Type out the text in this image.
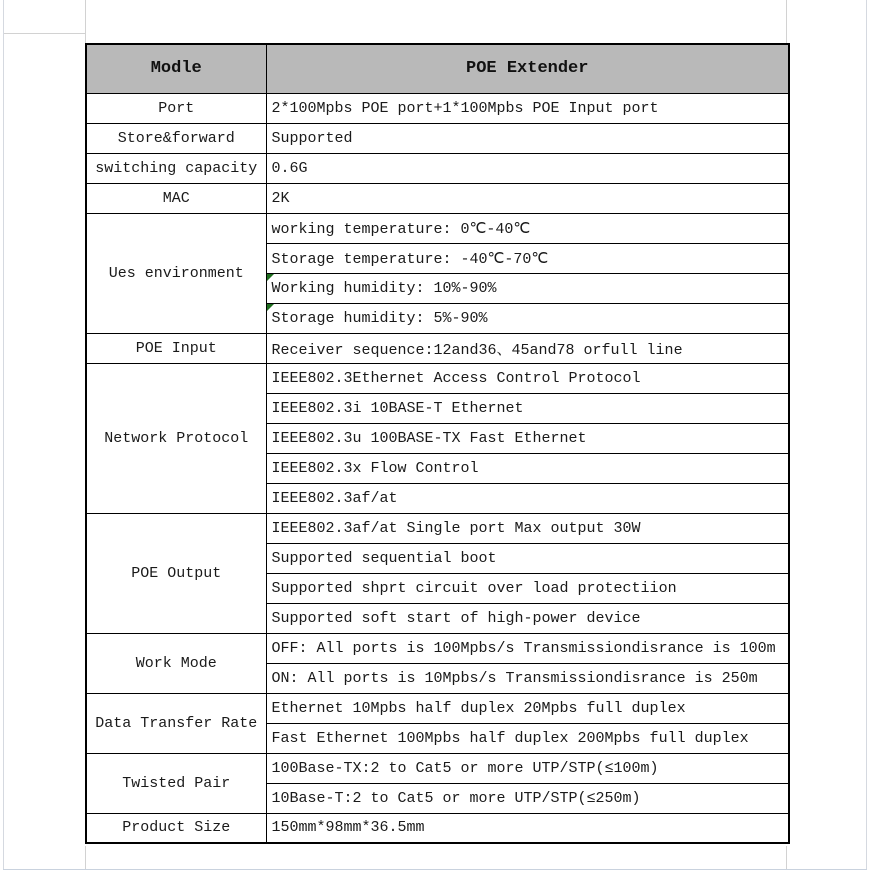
Modle	POE Extender
Port	2*100Mpbs POE port+1*100Mpbs POE Input port
Store&forward	Supported
switching capacity	0.6G
MAC	2K
Ues environment	working temperature: 0℃-40℃
	Storage temperature: -40℃-70℃
	Working humidity: 10%-90%

	Storage humidity: 5%-90%

POE Input	Receiver sequence:12and36、45and78 orfull line
Network Protocol	IEEE802.3Ethernet Access Control Protocol
	IEEE802.3i 10BASE-T Ethernet
	IEEE802.3u 100BASE-TX Fast Ethernet
	IEEE802.3x Flow Control
	IEEE802.3af/at
POE Output	IEEE802.3af/at Single port Max output 30W
	Supported sequential boot
	Supported shprt circuit over load protectiion
	Supported soft start of high-power device
Work Mode	OFF: All ports is 100Mpbs/s Transmissiondisrance is 100m
	ON: All ports is 10Mpbs/s Transmissiondisrance is 250m
Data Transfer Rate	Ethernet 10Mpbs half duplex 20Mpbs full duplex
	Fast Ethernet 100Mpbs half duplex 200Mpbs full duplex
Twisted Pair	100Base-TX:2 to Cat5 or more UTP/STP(≤100m)
	10Base-T:2 to Cat5 or more UTP/STP(≤250m)
Product Size	150mm*98mm*36.5mm
